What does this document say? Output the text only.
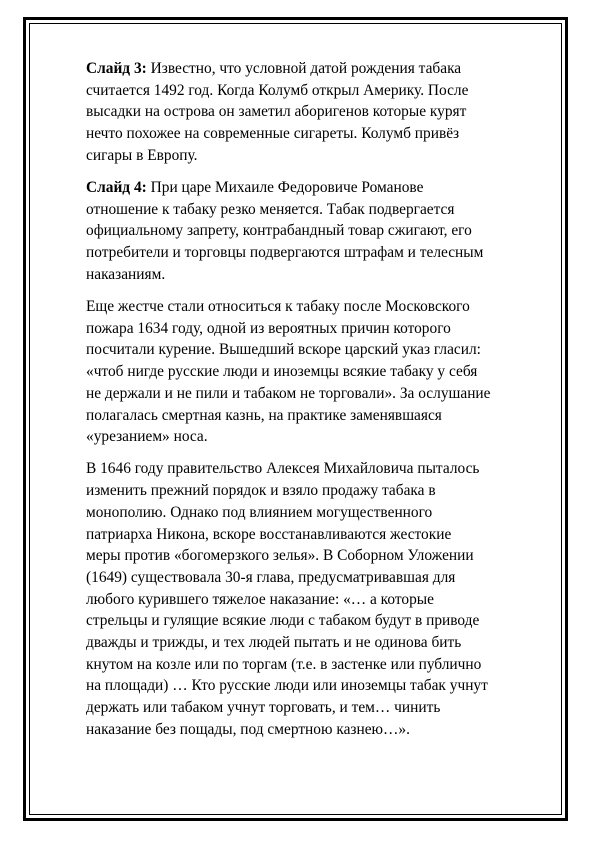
Слайд 3: Известно, что условной датой рождения табака
считается 1492 год. Когда Колумб открыл Америку. После
высадки на острова он заметил аборигенов которые курят
нечто похожее на современные сигареты. Колумб привёз
сигары в Европу.

Слайд 4: При царе Михаиле Федоровиче Романове
отношение к табаку резко меняется. Табак подвергается
официальному запрету, контрабандный товар сжигают, его
потребители и торговцы подвергаются штрафам и телесным
наказаниям.

Еще жестче стали относиться к табаку после Московского
пожара 1634 году, одной из вероятных причин которого
посчитали курение. Вышедший вскоре царский указ гласил:
«чтоб нигде русские люди и иноземцы всякие табаку у себя
не держали и не пили и табаком не торговали». За ослушание
полагалась смертная казнь, на практике заменявшаяся
«урезанием» носа.

В 1646 году правительство Алексея Михайловича пыталось
изменить прежний порядок и взяло продажу табака в
монополию. Однако под влиянием могущественного
патриарха Никона, вскоре восстанавливаются жестокие
меры против «богомерзкого зелья». В Соборном Уложении
(1649) существовала 30-я глава, предусматривавшая для
любого курившего тяжелое наказание: «… а которые
стрельцы и гулящие всякие люди с табаком будут в приводе
дважды и трижды, и тех людей пытать и не одинова бить
кнутом на козле или по торгам (т.е. в застенке или публично
на площади) … Кто русские люди или иноземцы табак учнут
держать или табаком учнут торговать, и тем… чинить
наказание без пощады, под смертною казнею…».
